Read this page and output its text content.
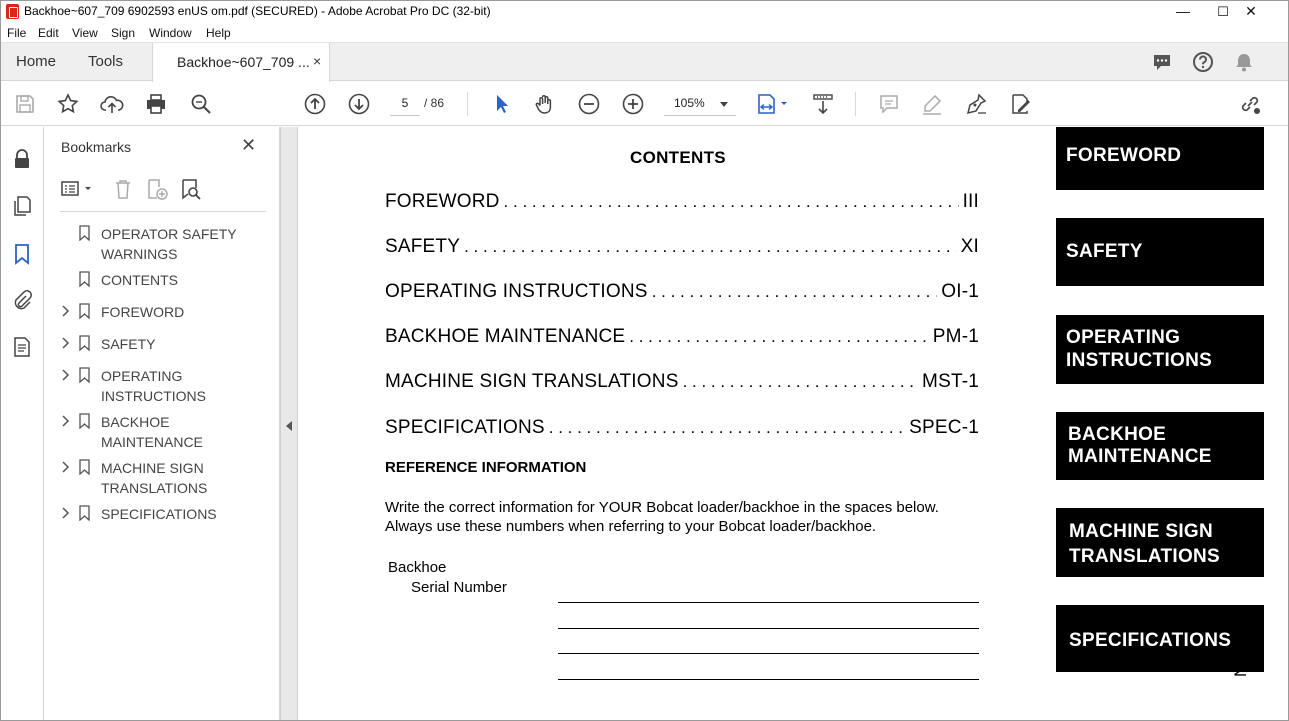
Backhoe~607_709 6902593 enUS om.pdf (SECURED) - Adobe Acrobat Pro DC (32-bit)	—	☐	✕
File Edit View Sign Window Help
Home Tools	Backhoe~607_709 ... ×
5	/ 86	105%
Bookmarks	✕
OPERATOR SAFETY WARNINGS
CONTENTS
FOREWORD
SAFETY
OPERATING INSTRUCTIONS
BACKHOE MAINTENANCE
MACHINE SIGN TRANSLATIONS
SPECIFICATIONS
CONTENTS
FOREWORD . . .	III
SAFETY . . .	XI
OPERATING INSTRUCTIONS . . .	OI-1
BACKHOE MAINTENANCE . . .	PM-1
MACHINE SIGN TRANSLATIONS . . .	MST-1
SPECIFICATIONS . . .	SPEC-1
REFERENCE INFORMATION
Write the correct information for YOUR Bobcat loader/backhoe in the spaces below.
Always use these numbers when referring to your Bobcat loader/backhoe.
Backhoe
Serial Number
FOREWORD
SAFETY
OPERATING
INSTRUCTIONS
BACKHOE
MAINTENANCE
MACHINE SIGN
TRANSLATIONS
SPECIFICATIONS Not fo
